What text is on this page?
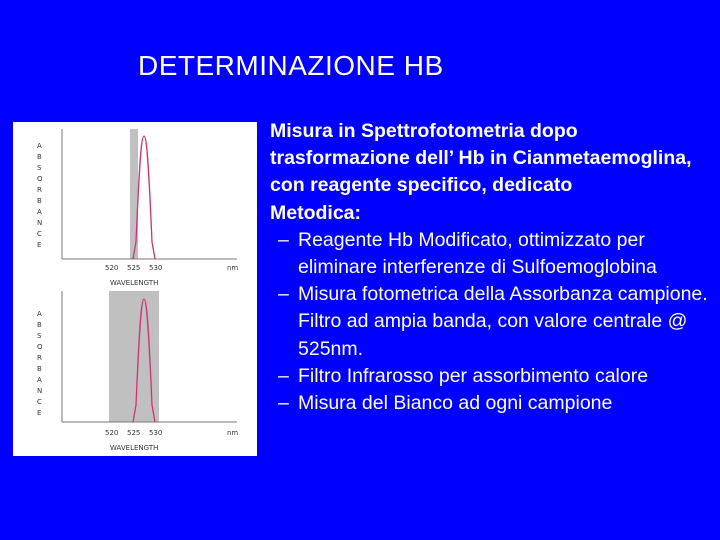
DETERMINAZIONE HB
A
B
S
O
R
B
A
N
C
E
520 525 530	nm
WAVELENGTH
A
B
S
O
R
B
A
N
C
E
520 525 530	nm
WAVELENGTH
Misura in Spettrofotometria dopo trasformazione dell’ Hb in Cianmetaemoglina, con reagente specifico, dedicato
Metodica:
– Reagente Hb Modificato, ottimizzato per eliminare interferenze di Sulfoemoglobina
– Misura fotometrica della Assorbanza campione. Filtro ad ampia banda, con valore centrale @ 525nm.
– Filtro Infrarosso per assorbimento calore
– Misura del Bianco ad ogni campione
